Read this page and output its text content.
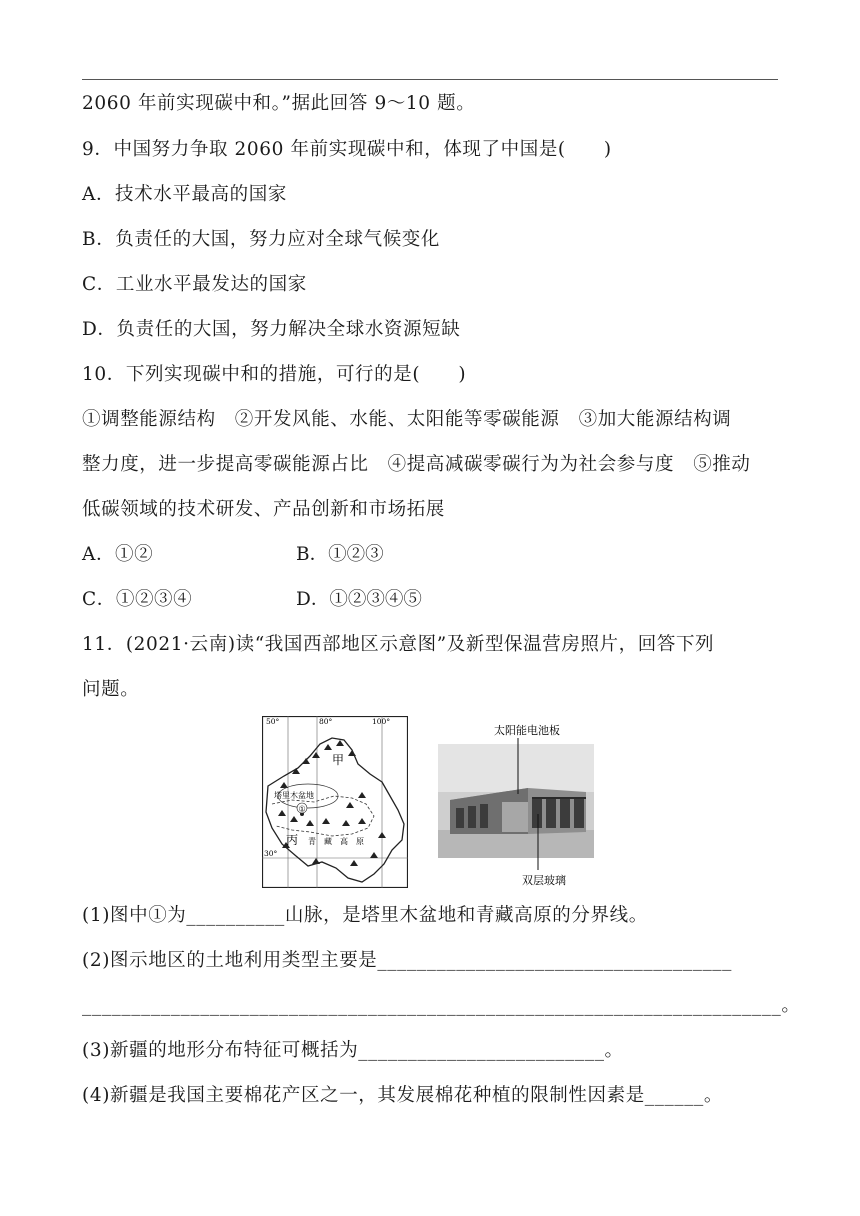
2060 年前实现碳中和。”据此回答 9～10 题。
9．中国努力争取 2060 年前实现碳中和，体现了中国是(　　)
A．技术水平最高的国家
B．负责任的大国，努力应对全球气候变化
C．工业水平最发达的国家
D．负责任的大国，努力解决全球水资源短缺
10．下列实现碳中和的措施，可行的是(　　)
①调整能源结构　②开发风能、水能、太阳能等零碳能源　③加大能源结构调
整力度，进一步提高零碳能源占比　④提高减碳零碳行为为社会参与度　⑤推动
低碳领域的技术研发、产品创新和市场拓展
A．①②	B．①②③
C．①②③④	D．①②③④⑤
11．(2021·云南)读“我国西部地区示意图”及新型保温营房照片，回答下列
问题。
50°	80°	100°
30°
甲
塔里木盆地
①
丙 青　藏　高　原
太阳能电池板
双层玻璃
(1)图中①为__________山脉，是塔里木盆地和青藏高原的分界线。
(2)图示地区的土地利用类型主要是____________________________________
_______________________________________________________________________。
(3)新疆的地形分布特征可概括为_________________________。
(4)新疆是我国主要棉花产区之一，其发展棉花种植的限制性因素是______。
